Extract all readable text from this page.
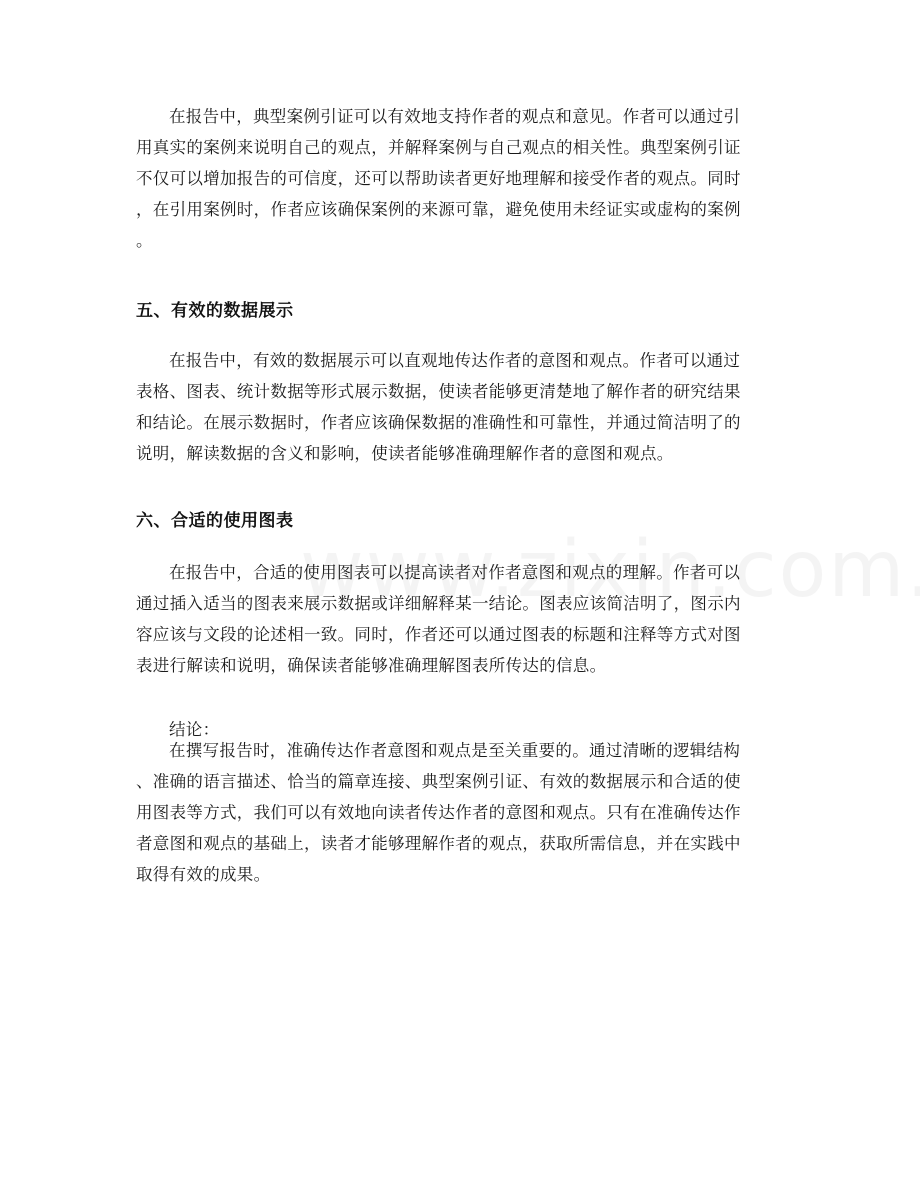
在报告中，典型案例引证可以有效地支持作者的观点和意见。作者可以通过引
用真实的案例来说明自己的观点，并解释案例与自己观点的相关性。典型案例引证
不仅可以增加报告的可信度，还可以帮助读者更好地理解和接受作者的观点。同时
，在引用案例时，作者应该确保案例的来源可靠，避免使用未经证实或虚构的案例
。
五、有效的数据展示
在报告中，有效的数据展示可以直观地传达作者的意图和观点。作者可以通过
表格、图表、统计数据等形式展示数据，使读者能够更清楚地了解作者的研究结果
和结论。在展示数据时，作者应该确保数据的准确性和可靠性，并通过简洁明了的
说明，解读数据的含义和影响，使读者能够准确理解作者的意图和观点。
六、合适的使用图表
在报告中，合适的使用图表可以提高读者对作者意图和观点的理解。作者可以
通过插入适当的图表来展示数据或详细解释某一结论。图表应该简洁明了，图示内
容应该与文段的论述相一致。同时，作者还可以通过图表的标题和注释等方式对图
表进行解读和说明，确保读者能够准确理解图表所传达的信息。
结论：
在撰写报告时，准确传达作者意图和观点是至关重要的。通过清晰的逻辑结构
、准确的语言描述、恰当的篇章连接、典型案例引证、有效的数据展示和合适的使
用图表等方式，我们可以有效地向读者传达作者的意图和观点。只有在准确传达作
者意图和观点的基础上，读者才能够理解作者的观点，获取所需信息，并在实践中
取得有效的成果。
